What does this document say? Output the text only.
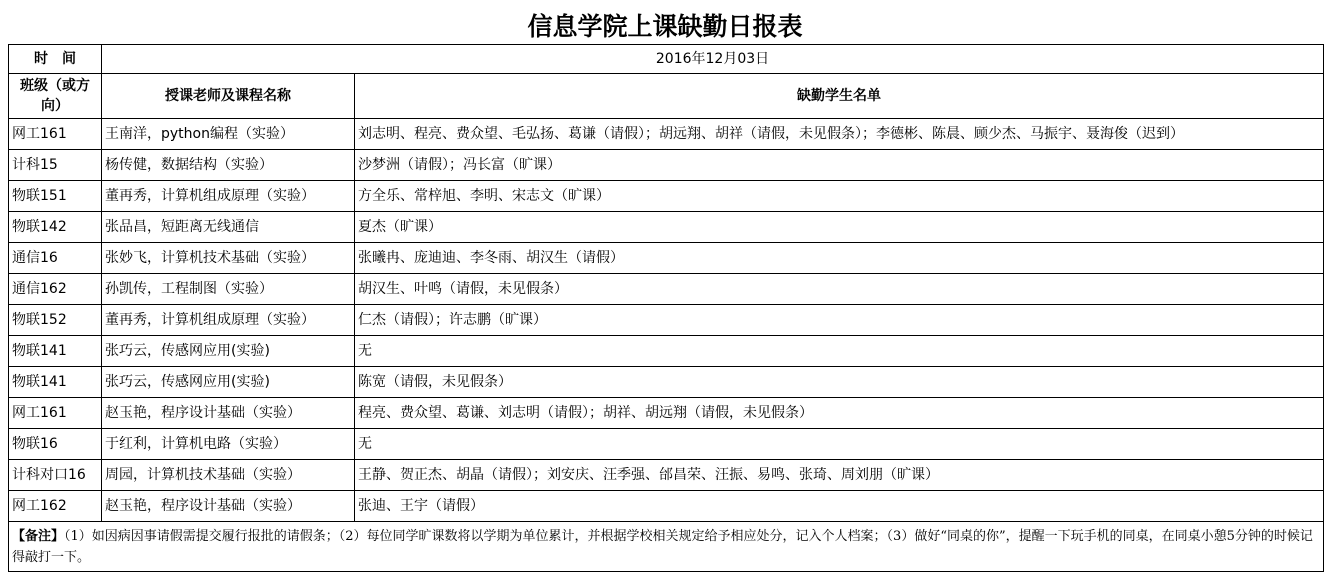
信息学院上课缺勤日报表
时　间	2016年12月03日	
班级（或方向）	授课老师及课程名称	缺勤学生名单
网工161	王南洋，python编程（实验）	刘志明、程亮、费众望、毛弘扬、葛谦（请假）；胡远翔、胡祥（请假，未见假条）；李德彬、陈晨、顾少杰、马振宇、聂海俊（迟到）
计科15	杨传健，数据结构（实验）	沙梦洲（请假）；冯长富（旷课）
物联151	董再秀，计算机组成原理（实验）	方全乐、常梓旭、李明、宋志文（旷课）
物联142	张品昌，短距离无线通信	夏杰（旷课）
通信16	张妙飞，计算机技术基础（实验）	张曦冉、庞迪迪、李冬雨、胡汉生（请假）
通信162	孙凯传，工程制图（实验）	胡汉生、叶鸣（请假，未见假条）
物联152	董再秀，计算机组成原理（实验）	仁杰（请假）；许志鹏（旷课）
物联141	张巧云，传感网应用(实验)	无
物联141	张巧云，传感网应用(实验)	陈宽（请假，未见假条）
网工161	赵玉艳，程序设计基础（实验）	程亮、费众望、葛谦、刘志明（请假）；胡祥、胡远翔（请假，未见假条）
物联16	于红利，计算机电路（实验）	无
计科对口16	周园，计算机技术基础（实验）	王静、贺正杰、胡晶（请假）；刘安庆、汪季强、邰昌荣、汪振、易鸣、张琦、周刘朋（旷课）
网工162	赵玉艳，程序设计基础（实验）	张迪、王宇（请假）
【备注】（1）如因病因事请假需提交履行报批的请假条；（2）每位同学旷课数将以学期为单位累计，并根据学校相关规定给予相应处分，记入个人档案；（3）做好“同桌的你”，提醒一下玩手机的同桌，在同桌小憩5分钟的时候记得敲打一下。		
